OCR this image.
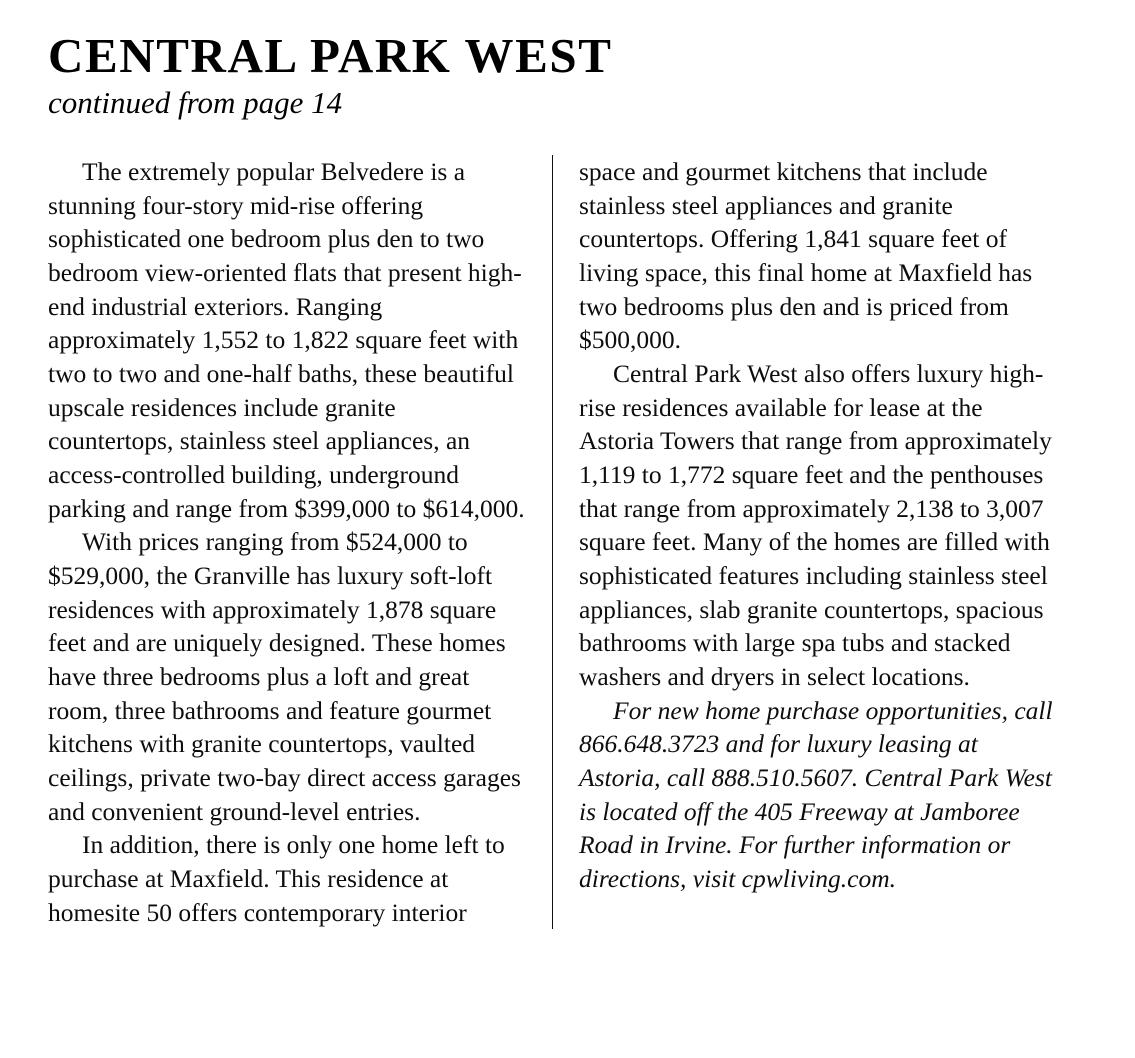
CENTRAL PARK WEST
continued from page 14

The extremely popular Belvedere is a stunning four-story mid-rise offering sophisticated one bedroom plus den to two bedroom view-oriented flats that present high-end industrial exteriors. Ranging approximately 1,552 to 1,822 square feet with two to two and one-half baths, these beautiful upscale residences include granite countertops, stainless steel appliances, an access-controlled building, underground parking and range from $399,000 to $614,000.

With prices ranging from $524,000 to $529,000, the Granville has luxury soft-loft residences with approximately 1,878 square feet and are uniquely designed. These homes have three bedrooms plus a loft and great room, three bathrooms and feature gourmet kitchens with granite countertops, vaulted ceilings, private two-bay direct access garages and convenient ground-level entries.

In addition, there is only one home left to purchase at Maxfield. This residence at homesite 50 offers contemporary interior

space and gourmet kitchens that include stainless steel appliances and granite countertops. Offering 1,841 square feet of living space, this final home at Maxfield has two bedrooms plus den and is priced from $500,000.

Central Park West also offers luxury high-rise residences available for lease at the Astoria Towers that range from approximately 1,119 to 1,772 square feet and the penthouses that range from approximately 2,138 to 3,007 square feet. Many of the homes are filled with sophisticated features including stainless steel appliances, slab granite countertops, spacious bathrooms with large spa tubs and stacked washers and dryers in select locations.

For new home purchase opportunities, call 866.648.3723 and for luxury leasing at Astoria, call 888.510.5607. Central Park West is located off the 405 Freeway at Jamboree Road in Irvine. For further information or directions, visit cpwliving.com.
